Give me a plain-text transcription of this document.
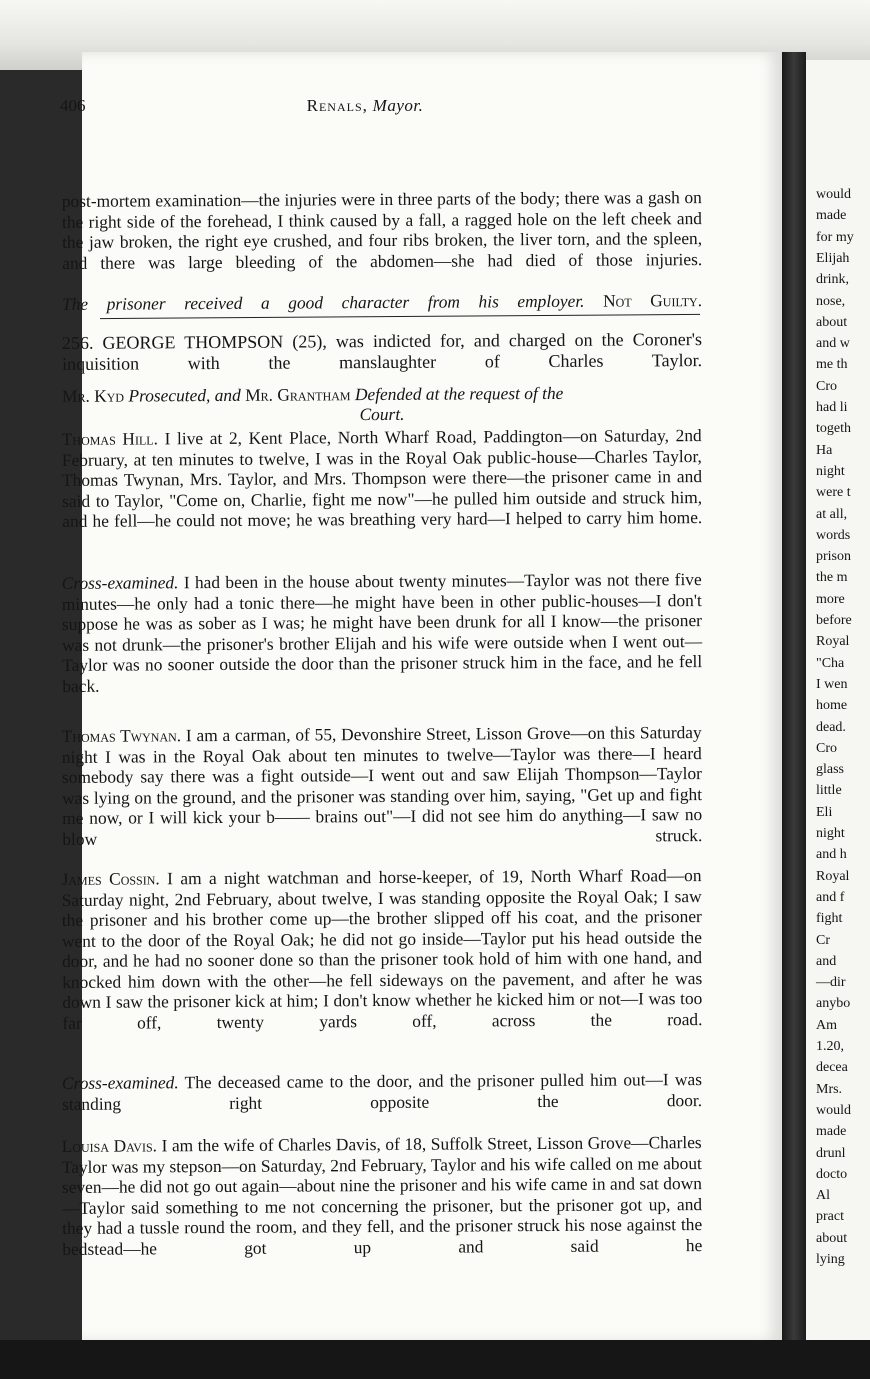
would
made
for my
Elijah
drink,
nose,
about
and w
me th
Cro
had li
togeth
Ha
night
were t
at all,
words
prison
the m
more
before
Royal
"Cha
I wen
home
dead.
Cro
glass
little
Eli
night
and h
Royal
and f
fight
Cr
and
—dir
anybo
Am
1.20,
decea
Mrs.
would
made
drunl
docto
Al
pract
about
lying
406	Renals, Mayor.
post-mortem examination—the injuries were in three parts of the body; there was a gash on the right side of the forehead, I think caused by a fall, a ragged hole on the left cheek and the jaw broken, the right eye crushed, and four ribs broken, the liver torn, and the spleen, and there was large bleeding of the abdomen—she had died of those injuries.
The prisoner received a good character from his employer. Not Guilty.
256. GEORGE THOMPSON (25), was indicted for, and charged on the Coroner's inquisition with the manslaughter of Charles Taylor.
Mr. Kyd Prosecuted, and Mr. Grantham Defended at the request of the
Court.
Thomas Hill. I live at 2, Kent Place, North Wharf Road, Paddington—on Saturday, 2nd February, at ten minutes to twelve, I was in the Royal Oak public-house—Charles Taylor, Thomas Twynan, Mrs. Taylor, and Mrs. Thompson were there—the prisoner came in and said to Taylor, "Come on, Charlie, fight me now"—he pulled him outside and struck him, and he fell—he could not move; he was breathing very hard—I helped to carry him home.
Cross-examined. I had been in the house about twenty minutes—Taylor was not there five minutes—he only had a tonic there—he might have been in other public-houses—I don't suppose he was as sober as I was; he might have been drunk for all I know—the prisoner was not drunk—the prisoner's brother Elijah and his wife were outside when I went out—Taylor was no sooner outside the door than the prisoner struck him in the face, and he fell back.
Thomas Twynan. I am a carman, of 55, Devonshire Street, Lisson Grove—on this Saturday night I was in the Royal Oak about ten minutes to twelve—Taylor was there—I heard somebody say there was a fight outside—I went out and saw Elijah Thompson—Taylor was lying on the ground, and the prisoner was standing over him, saying, "Get up and fight me now, or I will kick your b—— brains out"—I did not see him do anything—I saw no blow struck.
James Cossin. I am a night watchman and horse-keeper, of 19, North Wharf Road—on Saturday night, 2nd February, about twelve, I was standing opposite the Royal Oak; I saw the prisoner and his brother come up—the brother slipped off his coat, and the prisoner went to the door of the Royal Oak; he did not go inside—Taylor put his head outside the door, and he had no sooner done so than the prisoner took hold of him with one hand, and knocked him down with the other—he fell sideways on the pavement, and after he was down I saw the prisoner kick at him; I don't know whether he kicked him or not—I was too far off, twenty yards off, across the road.
Cross-examined. The deceased came to the door, and the prisoner pulled him out—I was standing right opposite the door.
Louisa Davis. I am the wife of Charles Davis, of 18, Suffolk Street, Lisson Grove—Charles Taylor was my stepson—on Saturday, 2nd February, Taylor and his wife called on me about seven—he did not go out again—about nine the prisoner and his wife came in and sat down—Taylor said something to me not concerning the prisoner, but the prisoner got up, and they had a tussle round the room, and they fell, and the prisoner struck his nose against the bedstead—he got up and said he
